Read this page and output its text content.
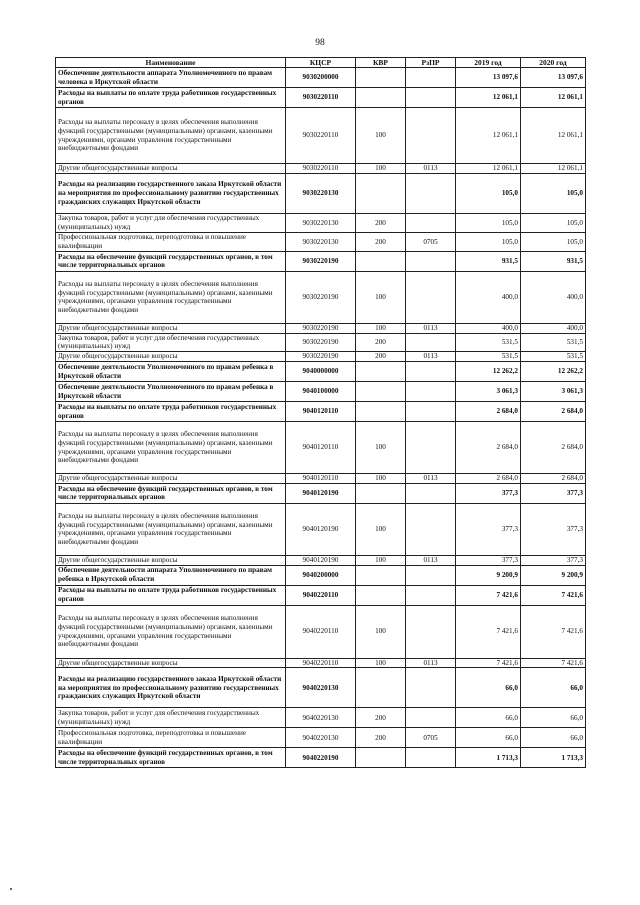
98
Наименование	КЦСР	КВР	РзПР	2019 год	2020 год
Обеспечение деятельности аппарата Уполномоченного по правам человека в Иркутской области	9030200000			13 097,6	13 097,6
Расходы на выплаты по оплате труда работников государственных органов	9030220110			12 061,1	12 061,1
Расходы на выплаты персоналу в целях обеспечения выполнения функций государственными (муниципальными) органами, казенными учреждениями, органами управления государственными внебюджетными фондами	9030220110	100		12 061,1	12 061,1
Другие общегосударственные вопросы	9030220110	100	0113	12 061,1	12 061,1
Расходы на реализацию государственного заказа Иркутской области на мероприятия по профессиональному развитию государственных гражданских служащих Иркутской области	9030220130			105,0	105,0
Закупка товаров, работ и услуг для обеспечения государственных (муниципальных) нужд	9030220130	200		105,0	105,0
Профессиональная подготовка, переподготовка и повышение квалификации	9030220130	200	0705	105,0	105,0
Расходы на обеспечение функций государственных органов, в том числе территориальных органов	9030220190			931,5	931,5
Расходы на выплаты персоналу в целях обеспечения выполнения функций государственными (муниципальными) органами, казенными учреждениями, органами управления государственными внебюджетными фондами	9030220190	100		400,0	400,0
Другие общегосударственные вопросы	9030220190	100	0113	400,0	400,0
Закупка товаров, работ и услуг для обеспечения государственных (муниципальных) нужд	9030220190	200		531,5	531,5
Другие общегосударственные вопросы	9030220190	200	0113	531,5	531,5
Обеспечение деятельности Уполномоченного по правам ребенка в Иркутской области	9040000000			12 262,2	12 262,2
Обеспечение деятельности Уполномоченного по правам ребенка в Иркутской области	9040100000			3 061,3	3 061,3
Расходы на выплаты по оплате труда работников государственных органов	9040120110			2 684,0	2 684,0
Расходы на выплаты персоналу в целях обеспечения выполнения функций государственными (муниципальными) органами, казенными учреждениями, органами управления государственными внебюджетными фондами	9040120110	100		2 684,0	2 684,0
Другие общегосударственные вопросы	9040120110	100	0113	2 684,0	2 684,0
Расходы на обеспечение функций государственных органов, в том числе территориальных органов	9040120190			377,3	377,3
Расходы на выплаты персоналу в целях обеспечения выполнения функций государственными (муниципальными) органами, казенными учреждениями, органами управления государственными внебюджетными фондами	9040120190	100		377,3	377,3
Другие общегосударственные вопросы	9040120190	100	0113	377,3	377,3
Обеспечение деятельности аппарата Уполномоченного по правам ребенка в Иркутской области	9040200000			9 200,9	9 200,9
Расходы на выплаты по оплате труда работников государственных органов	9040220110			7 421,6	7 421,6
Расходы на выплаты персоналу в целях обеспечения выполнения функций государственными (муниципальными) органами, казенными учреждениями, органами управления государственными внебюджетными фондами	9040220110	100		7 421,6	7 421,6
Другие общегосударственные вопросы	9040220110	100	0113	7 421,6	7 421,6
Расходы на реализацию государственного заказа Иркутской области на мероприятия по профессиональному развитию государственных гражданских служащих Иркутской области	9040220130			66,0	66,0
Закупка товаров, работ и услуг для обеспечения государственных (муниципальных) нужд	9040220130	200		66,0	66,0
Профессиональная подготовка, переподготовка и повышение квалификации	9040220130	200	0705	66,0	66,0
Расходы на обеспечение функций государственных органов, в том числе территориальных органов	9040220190			1 713,3	1 713,3
